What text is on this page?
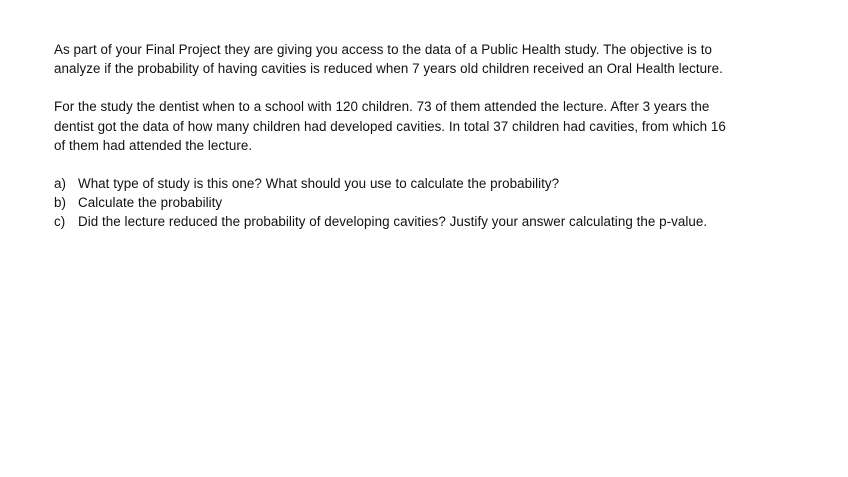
As part of your Final Project they are giving you access to the data of a Public Health study. The objective is to
analyze if the probability of having cavities is reduced when 7 years old children received an Oral Health lecture.

For the study the dentist when to a school with 120 children. 73 of them attended the lecture. After 3 years the
dentist got the data of how many children had developed cavities. In total 37 children had cavities, from which 16
of them had attended the lecture.

a) What type of study is this one? What should you use to calculate the probability?
b) Calculate the probability
c) Did the lecture reduced the probability of developing cavities? Justify your answer calculating the p-value.
